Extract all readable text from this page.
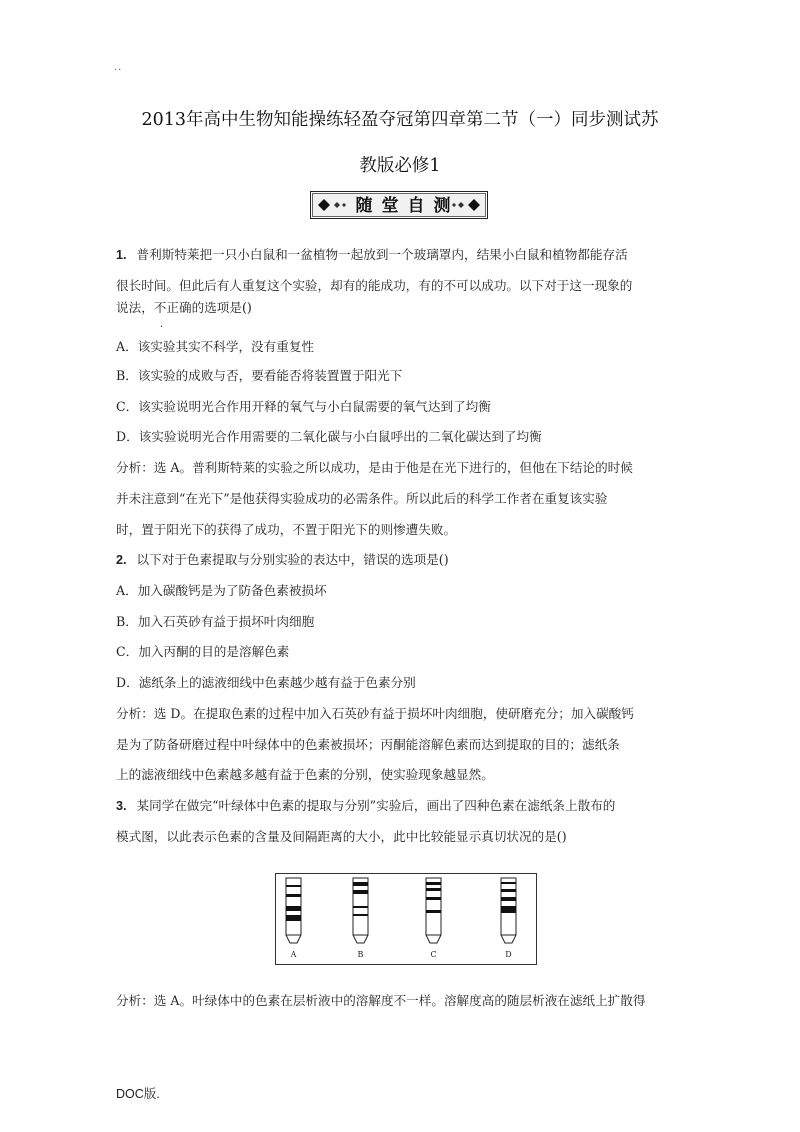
..
2013年高中生物知能操练轻盈夺冠第四章第二节（一）同步测试苏
教版必修1
随 堂 自 测
1. 普利斯特莱把一只小白鼠和一盆植物一起放到一个玻璃罩内，结果小白鼠和植物都能存活
很长时间。但此后有人重复这个实验，却有的能成功，有的不可以成功。以下对于这一现象的
说法，不正确的选项是()
·
A．该实验其实不科学，没有重复性
B．该实验的成败与否，要看能否将装置置于阳光下
C．该实验说明光合作用开释的氧气与小白鼠需要的氧气达到了均衡
D．该实验说明光合作用需要的二氧化碳与小白鼠呼出的二氧化碳达到了均衡
分析：选 A。普利斯特莱的实验之所以成功，是由于他是在光下进行的，但他在下结论的时候
并未注意到“在光下”是他获得实验成功的必需条件。所以此后的科学工作者在重复该实验
时，置于阳光下的获得了成功，不置于阳光下的则惨遭失败。
2. 以下对于色素提取与分别实验的表达中，错误的选项是()
A．加入碳酸钙是为了防备色素被损坏
B．加入石英砂有益于损坏叶肉细胞
C．加入丙酮的目的是溶解色素
D．滤纸条上的滤液细线中色素越少越有益于色素分别
分析：选 D。在提取色素的过程中加入石英砂有益于损坏叶肉细胞，使研磨充分；加入碳酸钙
是为了防备研磨过程中叶绿体中的色素被损坏；丙酮能溶解色素而达到提取的目的；滤纸条
上的滤液细线中色素越多越有益于色素的分别，使实验现象越显然。
3. 某同学在做完“叶绿体中色素的提取与分别”实验后，画出了四种色素在滤纸条上散布的
模式图，以此表示色素的含量及间隔距离的大小，此中比较能显示真切状况的是()
A	B	C	D
分析：选 A。叶绿体中的色素在层析液中的溶解度不一样。溶解度高的随层析液在滤纸上扩散得
DOC版.
